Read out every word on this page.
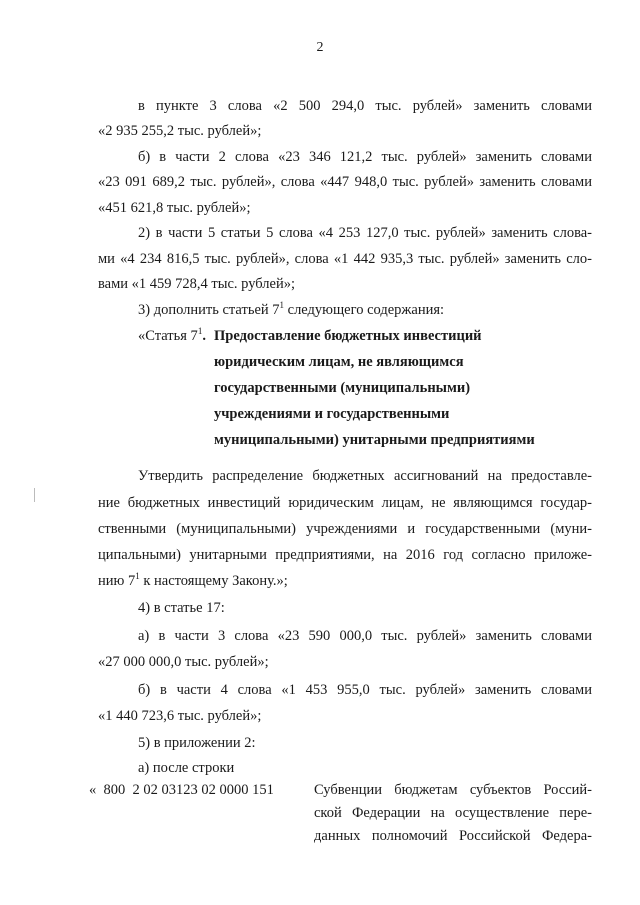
2
в пункте 3 слова «2 500 294,0 тыс. рублей» заменить словами
«2 935 255,2 тыс. рублей»;
б) в части 2 слова «23 346 121,2 тыс. рублей» заменить словами
«23 091 689,2 тыс. рублей», слова «447 948,0 тыс. рублей» заменить словами
«451 621,8 тыс. рублей»;
2) в части 5 статьи 5 слова «4 253 127,0 тыс. рублей» заменить слова-
ми «4 234 816,5 тыс. рублей», слова «1 442 935,3 тыс. рублей» заменить сло-
вами «1 459 728,4 тыс. рублей»;
3) дополнить статьей $7^1$ следующего содержания:
«Статья $7^1$. Предоставление бюджетных инвестиций
юридическим лицам, не являющимся
государственными (муниципальными)
учреждениями и государственными
муниципальными) унитарными предприятиями
Утвердить распределение бюджетных ассигнований на предоставле-
ние бюджетных инвестиций юридическим лицам, не являющимся государ-
ственными (муниципальными) учреждениями и государственными (муни-
ципальными) унитарными предприятиями, на 2016 год согласно приложе-
нию $7^1$ к настоящему Закону.»;
4) в статье 17:
а) в части 3 слова «23 590 000,0 тыс. рублей» заменить словами
«27 000 000,0 тыс. рублей»;
б) в части 4 слова «1 453 955,0 тыс. рублей» заменить словами
«1 440 723,6 тыс. рублей»;
5) в приложении 2:
а) после строки
«  800  2 02 03123 02 0000 151	Субвенции бюджетам субъектов Россий-
ской Федерации на осуществление пере-
данных полномочий Российской Федера-
